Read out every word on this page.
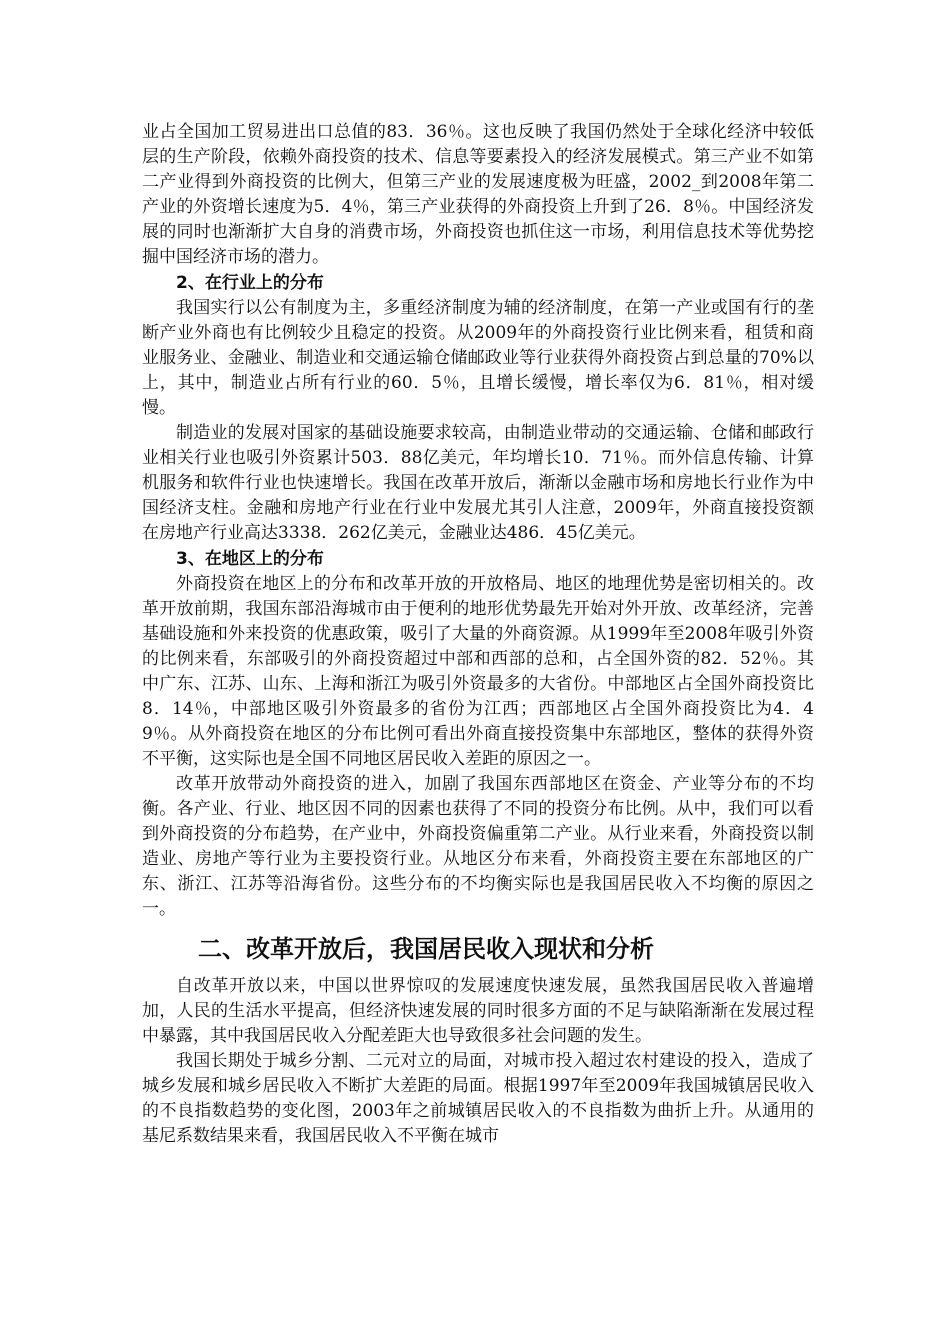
业占全国加工贸易进出口总值的83．36％。这也反映了我国仍然处于全球化经济中较低层的生产阶段，依赖外商投资的技术、信息等要素投入的经济发展模式。第三产业不如第二产业得到外商投资的比例大，但第三产业的发展速度极为旺盛，2002_到2008年第二产业的外资增长速度为5．4％，第三产业获得的外商投资上升到了26．8％。中国经济发展的同时也渐渐扩大自身的消费市场，外商投资也抓住这一市场，利用信息技术等优势挖掘中国经济市场的潜力。

2、在行业上的分布

我国实行以公有制度为主，多重经济制度为辅的经济制度，在第一产业或国有行的垄断产业外商也有比例较少且稳定的投资。从2009年的外商投资行业比例来看，租赁和商业服务业、金融业、制造业和交通运输仓储邮政业等行业获得外商投资占到总量的70%以上，其中，制造业占所有行业的60．5％，且增长缓慢，增长率仅为6．81％，相对缓慢。

制造业的发展对国家的基础设施要求较高，由制造业带动的交通运输、仓储和邮政行业相关行业也吸引外资累计503．88亿美元，年均增长10．71％。而外信息传输、计算机服务和软件行业也快速增长。我国在改革开放后，渐渐以金融市场和房地长行业作为中国经济支柱。金融和房地产行业在行业中发展尤其引人注意，2009年，外商直接投资额在房地产行业高达3338．262亿美元，金融业达486．45亿美元。

3、在地区上的分布

外商投资在地区上的分布和改革开放的开放格局、地区的地理优势是密切相关的。改革开放前期，我国东部沿海城市由于便利的地形优势最先开始对外开放、改革经济，完善基础设施和外来投资的优惠政策，吸引了大量的外商资源。从1999年至2008年吸引外资的比例来看，东部吸引的外商投资超过中部和西部的总和，占全国外资的82．52％。其中广东、江苏、山东、上海和浙江为吸引外资最多的大省份。中部地区占全国外商投资比8．14％，中部地区吸引外资最多的省份为江西；西部地区占全国外商投资比为4．49％。从外商投资在地区的分布比例可看出外商直接投资集中东部地区，整体的获得外资不平衡，这实际也是全国不同地区居民收入差距的原因之一。

改革开放带动外商投资的进入，加剧了我国东西部地区在资金、产业等分布的不均衡。各产业、行业、地区因不同的因素也获得了不同的投资分布比例。从中，我们可以看到外商投资的分布趋势，在产业中，外商投资偏重第二产业。从行业来看，外商投资以制造业、房地产等行业为主要投资行业。从地区分布来看，外商投资主要在东部地区的广东、浙江、江苏等沿海省份。这些分布的不均衡实际也是我国居民收入不均衡的原因之一。

二、改革开放后，我国居民收入现状和分析

自改革开放以来，中国以世界惊叹的发展速度快速发展，虽然我国居民收入普遍增加，人民的生活水平提高，但经济快速发展的同时很多方面的不足与缺陷渐渐在发展过程中暴露，其中我国居民收入分配差距大也导致很多社会问题的发生。

我国长期处于城乡分割、二元对立的局面，对城市投入超过农村建设的投入，造成了城乡发展和城乡居民收入不断扩大差距的局面。根据1997年至2009年我国城镇居民收入的不良指数趋势的变化图，2003年之前城镇居民收入的不良指数为曲折上升。从通用的基尼系数结果来看，我国居民收入不平衡在城市
